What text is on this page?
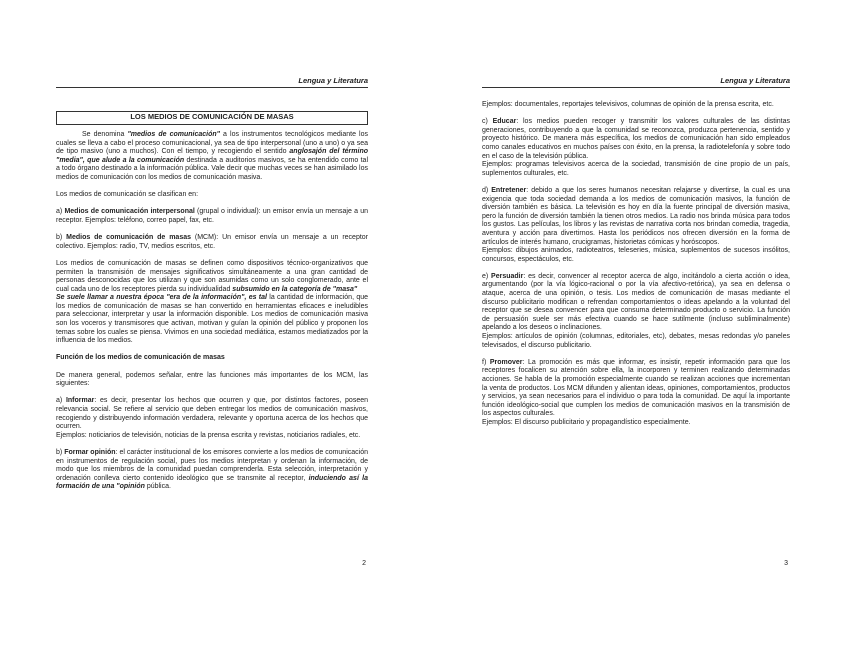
Lengua y Literatura
LOS MEDIOS DE COMUNICACIÓN DE MASAS

Se denomina "medios de comunicación" a los instrumentos tecnológicos mediante los cuales se lleva a cabo el proceso comunicacional, ya sea de tipo interpersonal (uno a uno) o ya sea de tipo masivo (uno a muchos). Con el tiempo, y recogiendo el sentido anglosajón del término "media", que alude a la comunicación destinada a auditorios masivos, se ha entendido como tal a todo órgano destinado a la información pública. Vale decir que muchas veces se han asimilado los medios de comunicación con los medios de comunicación masiva.

Los medios de comunicación se clasifican en:

a) Medios de comunicación interpersonal (grupal o individual): un emisor envía un mensaje a un receptor. Ejemplos: teléfono, correo papel, fax, etc.

b) Medios de comunicación de masas (MCM): Un emisor envía un mensaje a un receptor colectivo. Ejemplos: radio, TV, medios escritos, etc.

Los medios de comunicación de masas se definen como dispositivos técnico-organizativos que permiten la transmisión de mensajes significativos simultáneamente a una gran cantidad de personas desconocidas que los utilizan y que son asumidas como un solo conglomerado, ante el cual cada uno de los receptores pierda su individualidad subsumido en la categoría de "masa"
Se suele llamar a nuestra época "era de la información", es tal la cantidad de información, que los medios de comunicación de masas se han convertido en herramientas eficaces e ineludibles para seleccionar, interpretar y usar la información disponible. Los medios de comunicación masiva son los voceros y transmisores que activan, motivan y guían la opinión del público y proponen los temas sobre los cuales se piensa. Vivimos en una sociedad mediática, estamos mediatizados por la influencia de los medios.

Función de los medios de comunicación de masas

De manera general, podemos señalar, entre las funciones más importantes de los MCM, las siguientes:

a) Informar: es decir, presentar los hechos que ocurren y que, por distintos factores, poseen relevancia social. Se refiere al servicio que deben entregar los medios de comunicación masivos, recogiendo y distribuyendo información verdadera, relevante y oportuna acerca de los hechos que ocurren.
Ejemplos: noticiarios de televisión, noticias de la prensa escrita y revistas, noticiarios radiales, etc.

b) Formar opinión: el carácter institucional de los emisores convierte a los medios de comunicación en instrumentos de regulación social, pues los medios interpretan y ordenan la información, de modo que los miembros de la comunidad puedan comprenderla. Esta selección, interpretación y ordenación conlleva cierto contenido ideológico que se transmite al receptor, induciendo así la formación de una "opinión pública.

2
Lengua y Literatura

Ejemplos: documentales, reportajes televisivos, columnas de opinión de la prensa escrita, etc.

c) Educar: los medios pueden recoger y transmitir los valores culturales de las distintas generaciones, contribuyendo a que la comunidad se reconozca, produzca pertenencia, sentido y proyecto histórico. De manera más específica, los medios de comunicación han sido empleados como canales educativos en muchos países con éxito, en la prensa, la radiotelefonía y sobre todo en el caso de la televisión pública.
Ejemplos: programas televisivos acerca de la sociedad, transmisión de cine propio de un país, suplementos culturales, etc.

d) Entretener: debido a que los seres humanos necesitan relajarse y divertirse, la cual es una exigencia que toda sociedad demanda a los medios de comunicación masivos, la función de diversión también es básica. La televisión es hoy en día la fuente principal de diversión masiva, pero la función de diversión también la tienen otros medios. La radio nos brinda música para todos los gustos. Las películas, los libros y las revistas de narrativa corta nos brindan comedia, tragedia, aventura y acción para divertirnos. Hasta los periódicos nos ofrecen diversión en la forma de artículos de interés humano, crucigramas, historietas cómicas y horóscopos.
Ejemplos: dibujos animados, radioteatros, teleseries, música, suplementos de sucesos insólitos, concursos, espectáculos, etc.

e) Persuadir: es decir, convencer al receptor acerca de algo, incitándolo a cierta acción o idea, argumentando (por la vía lógico-racional o por la vía afectivo-retórica), ya sea en defensa o ataque, acerca de una opinión, o tesis. Los medios de comunicación de masas mediante el discurso publicitario modifican o refrendan comportamientos o ideas apelando a la voluntad del receptor que se desea convencer para que consuma determinado producto o servicio. La función de persuasión suele ser más efectiva cuando se hace sutilmente (incluso subliminalmente) apelando a los deseos o inclinaciones.
Ejemplos: artículos de opinión (columnas, editoriales, etc), debates, mesas redondas y/o paneles televisados, el discurso publicitario.

f) Promover: La promoción es más que informar, es insistir, repetir información para que los receptores focalicen su atención sobre ella, la incorporen y terminen realizando determinadas acciones. Se habla de la promoción especialmente cuando se realizan acciones que incrementan la venta de productos. Los MCM difunden y alientan ideas, opiniones, comportamientos, productos y servicios, ya sean necesarios para el individuo o para toda la comunidad. De aquí la importante función ideológico-social que cumplen los medios de comunicación masivos en la transmisión de los aspectos culturales.
Ejemplos: El discurso publicitario y propagandístico especialmente.

3
